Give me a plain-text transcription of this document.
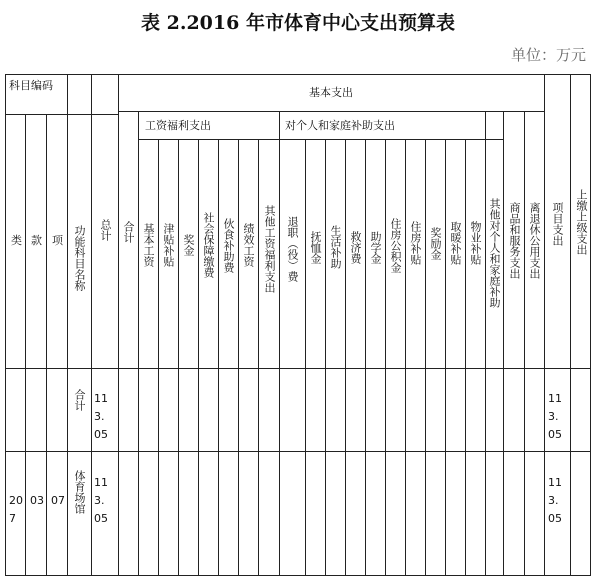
表 2.2016 年市体育中心支出预算表
单位：万元
科目编码
基本支出
工资福利支出	对个人和家庭补助支出
类 款 项 功能科目名称 总计 合计 基本工资 津贴补贴 奖金 社会保障缴费 伙食补助费 绩效工资 其他工资福利支出 退职（役）费 抚恤金 生活补助 救济费 助学金 住房公积金 住房补贴 奖励金 取暖补贴 物业补贴 其他对个人和家庭补助 商品和服务支出 离退休公用支出 项目支出 上缴上级支出
合计 113.05
113.05
207
03 07 体育场馆 113.05
113.05
